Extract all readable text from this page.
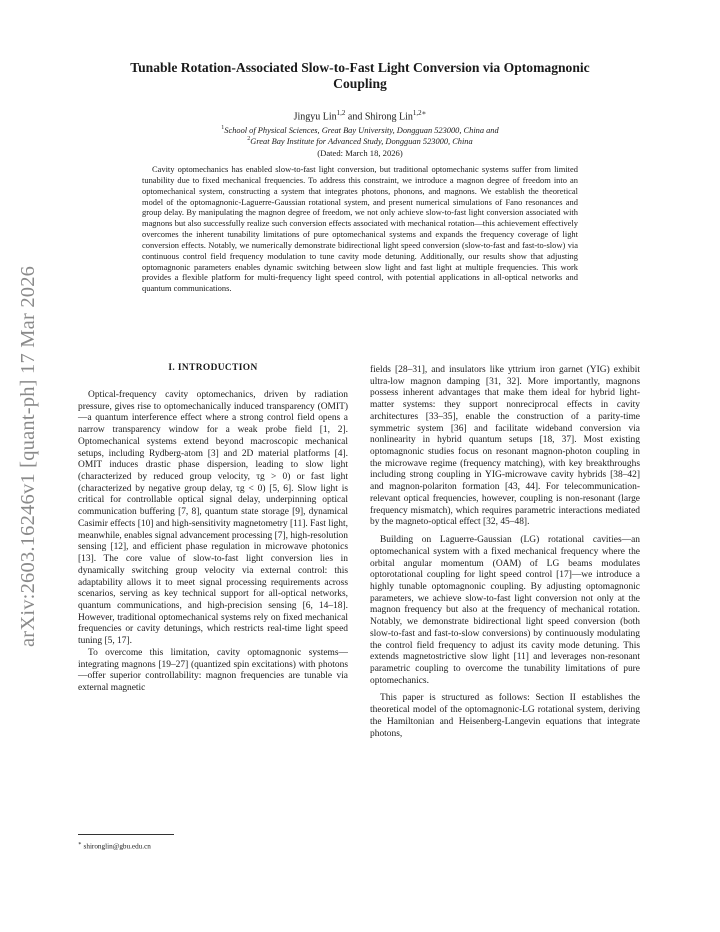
arXiv:2603.16246v1 [quant-ph] 17 Mar 2026
Tunable Rotation-Associated Slow-to-Fast Light Conversion via Optomagnonic
Coupling
Jingyu Lin$^{1,2}$ and Shirong Lin$^{1,2∗}$
$^1$School of Physical Sciences, Great Bay University, Dongguan 523000, China and
$^2$Great Bay Institute for Advanced Study, Dongguan 523000, China
(Dated: March 18, 2026)
Cavity optomechanics has enabled slow-to-fast light conversion, but traditional optomechanic systems suffer from limited tunability due to fixed mechanical frequencies. To address this constraint, we introduce a magnon degree of freedom into an optomechanical system, constructing a system that integrates photons, phonons, and magnons. We establish the theoretical model of the optomagnonic-Laguerre-Gaussian rotational system, and present numerical simulations of Fano resonances and group delay. By manipulating the magnon degree of freedom, we not only achieve slow-to-fast light conversion associated with magnons but also successfully realize such conversion effects associated with mechanical rotation—this achievement effectively overcomes the inherent tunability limitations of pure optomechanical systems and expands the frequency coverage of light conversion effects. Notably, we numerically demonstrate bidirectional light speed conversion (slow-to-fast and fast-to-slow) via continuous control field frequency modulation to tune cavity mode detuning. Additionally, our results show that adjusting optomagnonic parameters enables dynamic switching between slow light and fast light at multiple frequencies. This work provides a flexible platform for multi-frequency light speed control, with potential applications in all-optical networks and quantum communications.
I. INTRODUCTION

Optical-frequency cavity optomechanics, driven by radiation pressure, gives rise to optomechanically induced transparency (OMIT)—a quantum interference effect where a strong control field opens a narrow transparency window for a weak probe field [1, 2]. Optomechanical systems extend beyond macroscopic mechanical setups, including Rydberg-atom [3] and 2D material platforms [4]. OMIT induces drastic phase dispersion, leading to slow light (characterized by reduced group velocity, τg > 0) or fast light (characterized by negative group delay, τg < 0) [5, 6]. Slow light is critical for controllable optical signal delay, underpinning optical communication buffering [7, 8], quantum state storage [9], dynamical Casimir effects [10] and high-sensitivity magnetometry [11]. Fast light, meanwhile, enables signal advancement processing [7], high-resolution sensing [12], and efficient phase regulation in microwave photonics [13]. The core value of slow-to-fast light conversion lies in dynamically switching group velocity via external control: this adaptability allows it to meet signal processing requirements across scenarios, serving as key technical support for all-optical networks, quantum communications, and high-precision sensing [6, 14–18]. However, traditional optomechanical systems rely on fixed mechanical frequencies or cavity detunings, which restricts real-time light speed tuning [5, 17].

To overcome this limitation, cavity optomagnonic systems—integrating magnons [19–27] (quantized spin excitations) with photons—offer superior controllability: magnon frequencies are tunable via external magnetic

fields [28–31], and insulators like yttrium iron garnet (YIG) exhibit ultra-low magnon damping [31, 32]. More importantly, magnons possess inherent advantages that make them ideal for hybrid light-matter systems: they support nonreciprocal effects in cavity architectures [33–35], enable the construction of a parity-time symmetric system [36] and facilitate wideband conversion via nonlinearity in hybrid quantum setups [18, 37]. Most existing optomagnonic studies focus on resonant magnon-photon coupling in the microwave regime (frequency matching), with key breakthroughs including strong coupling in YIG-microwave cavity hybrids [38–42] and magnon-polariton formation [43, 44]. For telecommunication-relevant optical frequencies, however, coupling is non-resonant (large frequency mismatch), which requires parametric interactions mediated by the magneto-optical effect [32, 45–48].

Building on Laguerre-Gaussian (LG) rotational cavities—an optomechanical system with a fixed mechanical frequency where the orbital angular momentum (OAM) of LG beams modulates optorotational coupling for light speed control [17]—we introduce a highly tunable optomagnonic coupling. By adjusting optomagnonic parameters, we achieve slow-to-fast light conversion not only at the magnon frequency but also at the frequency of mechanical rotation. Notably, we demonstrate bidirectional light speed conversion (both slow-to-fast and fast-to-slow conversions) by continuously modulating the control field frequency to adjust its cavity mode detuning. This extends magnetostrictive slow light [11] and leverages non-resonant parametric coupling to overcome the tunability limitations of pure optomechanics.

This paper is structured as follows: Section II establishes the theoretical model of the optomagnonic-LG rotational system, deriving the Hamiltonian and Heisenberg-Langevin equations that integrate photons,

∗ shironglin@gbu.edu.cn
